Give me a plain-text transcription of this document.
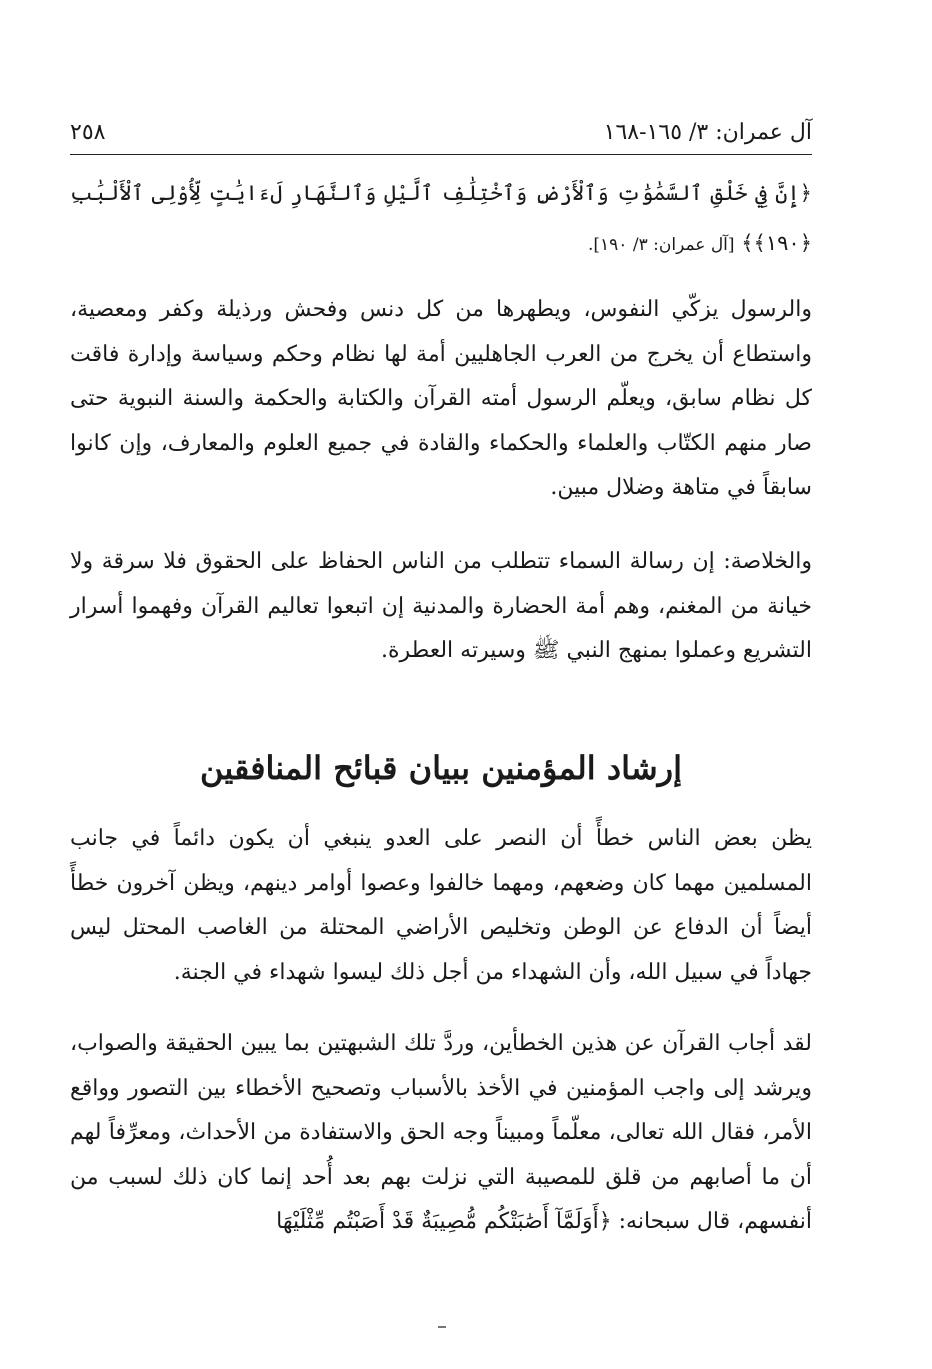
آل عمران: ٣/ ١٦٥-١٦٨
٢٥٨
﴿إِنَّ فِي خَلْقِ ٱلسَّمَٰوَٰتِ وَٱلْأَرْضِ وَٱخْتِلَٰفِ ٱلَّيْلِ وَٱلنَّهَارِ لَءَايَٰتٍ لِّأُوْلِى ٱلْأَلْبَٰبِ ﴿١٩٠﴾﴾ [آل عمران: ٣/ ١٩٠].

والرسول يزكّي النفوس، ويطهرها من كل دنس وفحش ورذيلة وكفر ومعصية، واستطاع أن يخرج من العرب الجاهليين أمة لها نظام وحكم وسياسة وإدارة فاقت كل نظام سابق، ويعلّم الرسول أمته القرآن والكتابة والحكمة والسنة النبوية حتى صار منهم الكتّاب والعلماء والحكماء والقادة في جميع العلوم والمعارف، وإن كانوا سابقاً في متاهة وضلال مبين.

والخلاصة: إن رسالة السماء تتطلب من الناس الحفاظ على الحقوق فلا سرقة ولا خيانة من المغنم، وهم أمة الحضارة والمدنية إن اتبعوا تعاليم القرآن وفهموا أسرار التشريع وعملوا بمنهج النبي ﷺ وسيرته العطرة.

إرشاد المؤمنين ببيان قبائح المنافقين

يظن بعض الناس خطأً أن النصر على العدو ينبغي أن يكون دائماً في جانب المسلمين مهما كان وضعهم، ومهما خالفوا وعصوا أوامر دينهم، ويظن آخرون خطأً أيضاً أن الدفاع عن الوطن وتخليص الأراضي المحتلة من الغاصب المحتل ليس جهاداً في سبيل الله، وأن الشهداء من أجل ذلك ليسوا شهداء في الجنة.

لقد أجاب القرآن عن هذين الخطأين، وردَّ تلك الشبهتين بما يبين الحقيقة والصواب، ويرشد إلى واجب المؤمنين في الأخذ بالأسباب وتصحيح الأخطاء بين التصور وواقع الأمر، فقال الله تعالى، معلّماً ومبيناً وجه الحق والاستفادة من الأحداث، ومعرِّفاً لهم أن ما أصابهم من قلق للمصيبة التي نزلت بهم بعد أُحد إنما كان ذلك لسبب من أنفسهم، قال سبحانه: ﴿أَوَلَمَّآ أَصَٰبَتْكُم مُّصِيبَةٌ قَدْ أَصَبْتُم مِّثْلَيْهَا
